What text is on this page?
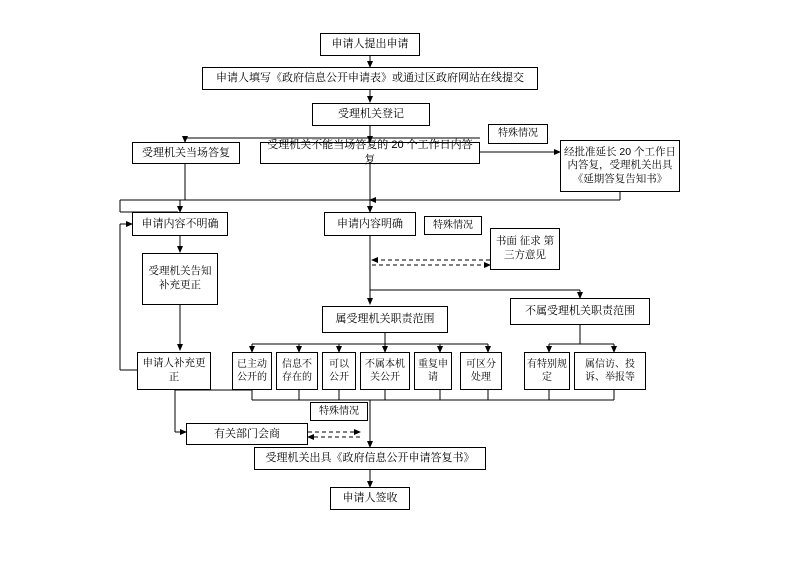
申请人提出申请
申请人填写《政府信息公开申请表》或通过区政府网站在线提交
受理机关登记
受理机关当场答复
受理机关不能当场答复的 20 个工作日内答复
特殊情况
经批准延长 20 个工作日内答复，受理机关出具《延期答复告知书》
申请内容不明确	申请内容明确	特殊情况
书面 征求 第三方意见
受理机关告知补充更正
属受理机关职责范围
不属受理机关职责范围
申请人补充更正
已主动公开的
信息不存在的
可以公开
不属本机关公开
重复申请
可区分处理
有特别规定
属信访、投诉、举报等
特殊情况
有关部门会商
受理机关出具《政府信息公开申请答复书》
申请人签收
